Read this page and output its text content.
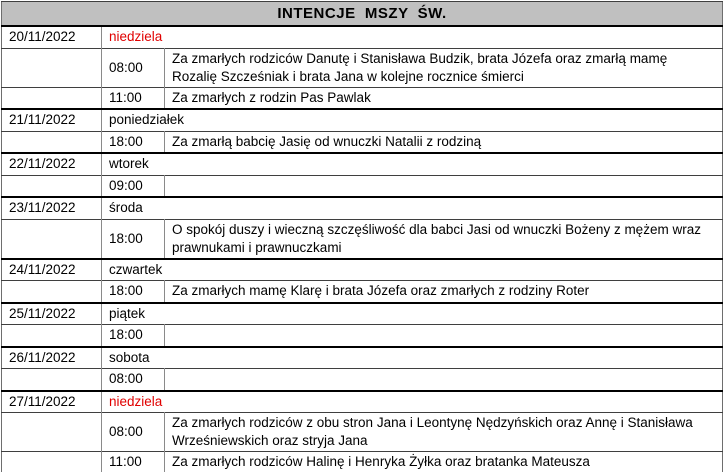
INTENCJE  MSZY  ŚW.		
20/11/2022	niedziela	
	08:00	Za zmarłych rodziców Danutę i Stanisława Budzik, brata Józefa oraz zmarłą mamę Rozalię Szcześniak i brata Jana w kolejne rocznice śmierci
	11:00	Za zmarłych z rodzin Pas Pawlak
21/11/2022	poniedziałek	
	18:00	Za zmarłą babcię Jasię od wnuczki Natalii z rodziną
22/11/2022	wtorek	
	09:00	
23/11/2022	środa	
	18:00	O spokój duszy i wieczną szczęśliwość dla babci Jasi od wnuczki Bożeny z mężem wraz prawnukami i prawnuczkami
24/11/2022	czwartek	
	18:00	Za zmarłych mamę Klarę i brata Józefa oraz zmarłych z rodziny Roter
25/11/2022	piątek	
	18:00	
26/11/2022	sobota	
	08:00	
27/11/2022	niedziela	
	08:00	Za zmarłych rodziców z obu stron Jana i Leontynę Nędzyńskich oraz Annę i Stanisława Wrześniewskich oraz stryja Jana
	11:00	Za zmarłych rodziców Halinę i Henryka Żyłka oraz bratanka Mateusza
